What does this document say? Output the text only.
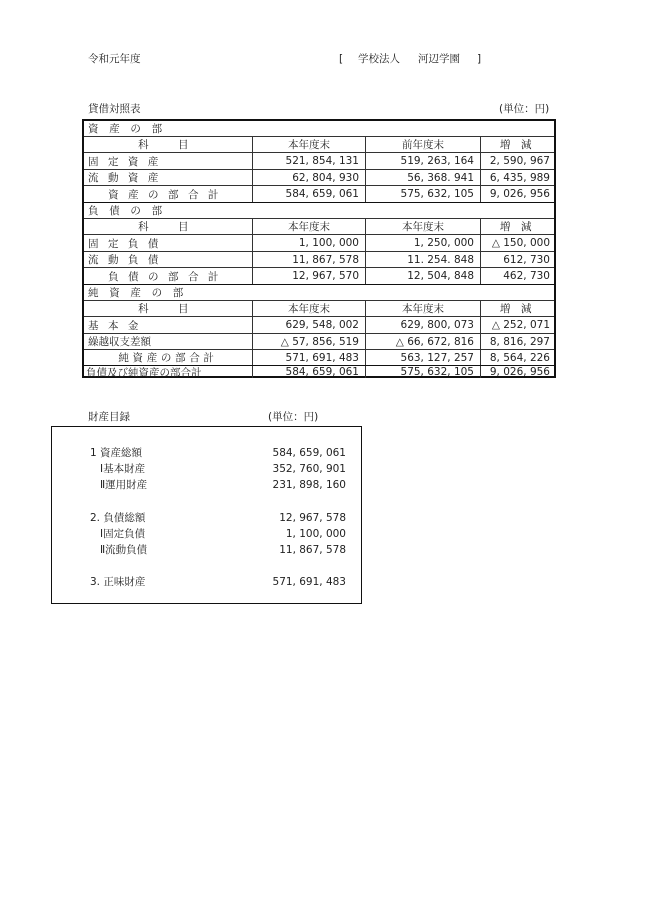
令和元年度	[ 学校法人 河辺学園 ]
貸借対照表	(単位：円)
資 産 の 部
科　目	本年度末	前年度末	増 減
固定資産	521, 854, 131	519, 263, 164	2, 590, 967
流動資産	62, 804, 930	56, 368. 941	6, 435, 989
資産の部合計	584, 659, 061	575, 632, 105	9, 026, 956
負 債 の 部
科　目	本年度末	本年度末	増 減
固定負債	1, 100, 000	1, 250, 000	△ 150, 000
流動負債	11, 867, 578	11. 254. 848	612, 730
負債の部合計	12, 967, 570	12, 504, 848	462, 730
純 資 産 の 部
科　目	本年度末	本年度末	増 減
基本金	629, 548, 002	629, 800, 073	△ 252, 071
繰越収支差額	△ 57, 856, 519	△ 66, 672, 816	8, 816, 297
純資産の部合計	571, 691, 483	563, 127, 257	8, 564, 226
負債及び純資産の部合計	584, 659, 061	575, 632, 105	9, 026, 956
財産目録	(単位：円)
1 資産総額	584, 659, 061
Ⅰ基本財産	352, 760, 901
Ⅱ運用財産	231, 898, 160
2. 負債総額	12, 967, 578
Ⅰ固定負債	1, 100, 000
Ⅱ流動負債	11, 867, 578
3. 正味財産	571, 691, 483
